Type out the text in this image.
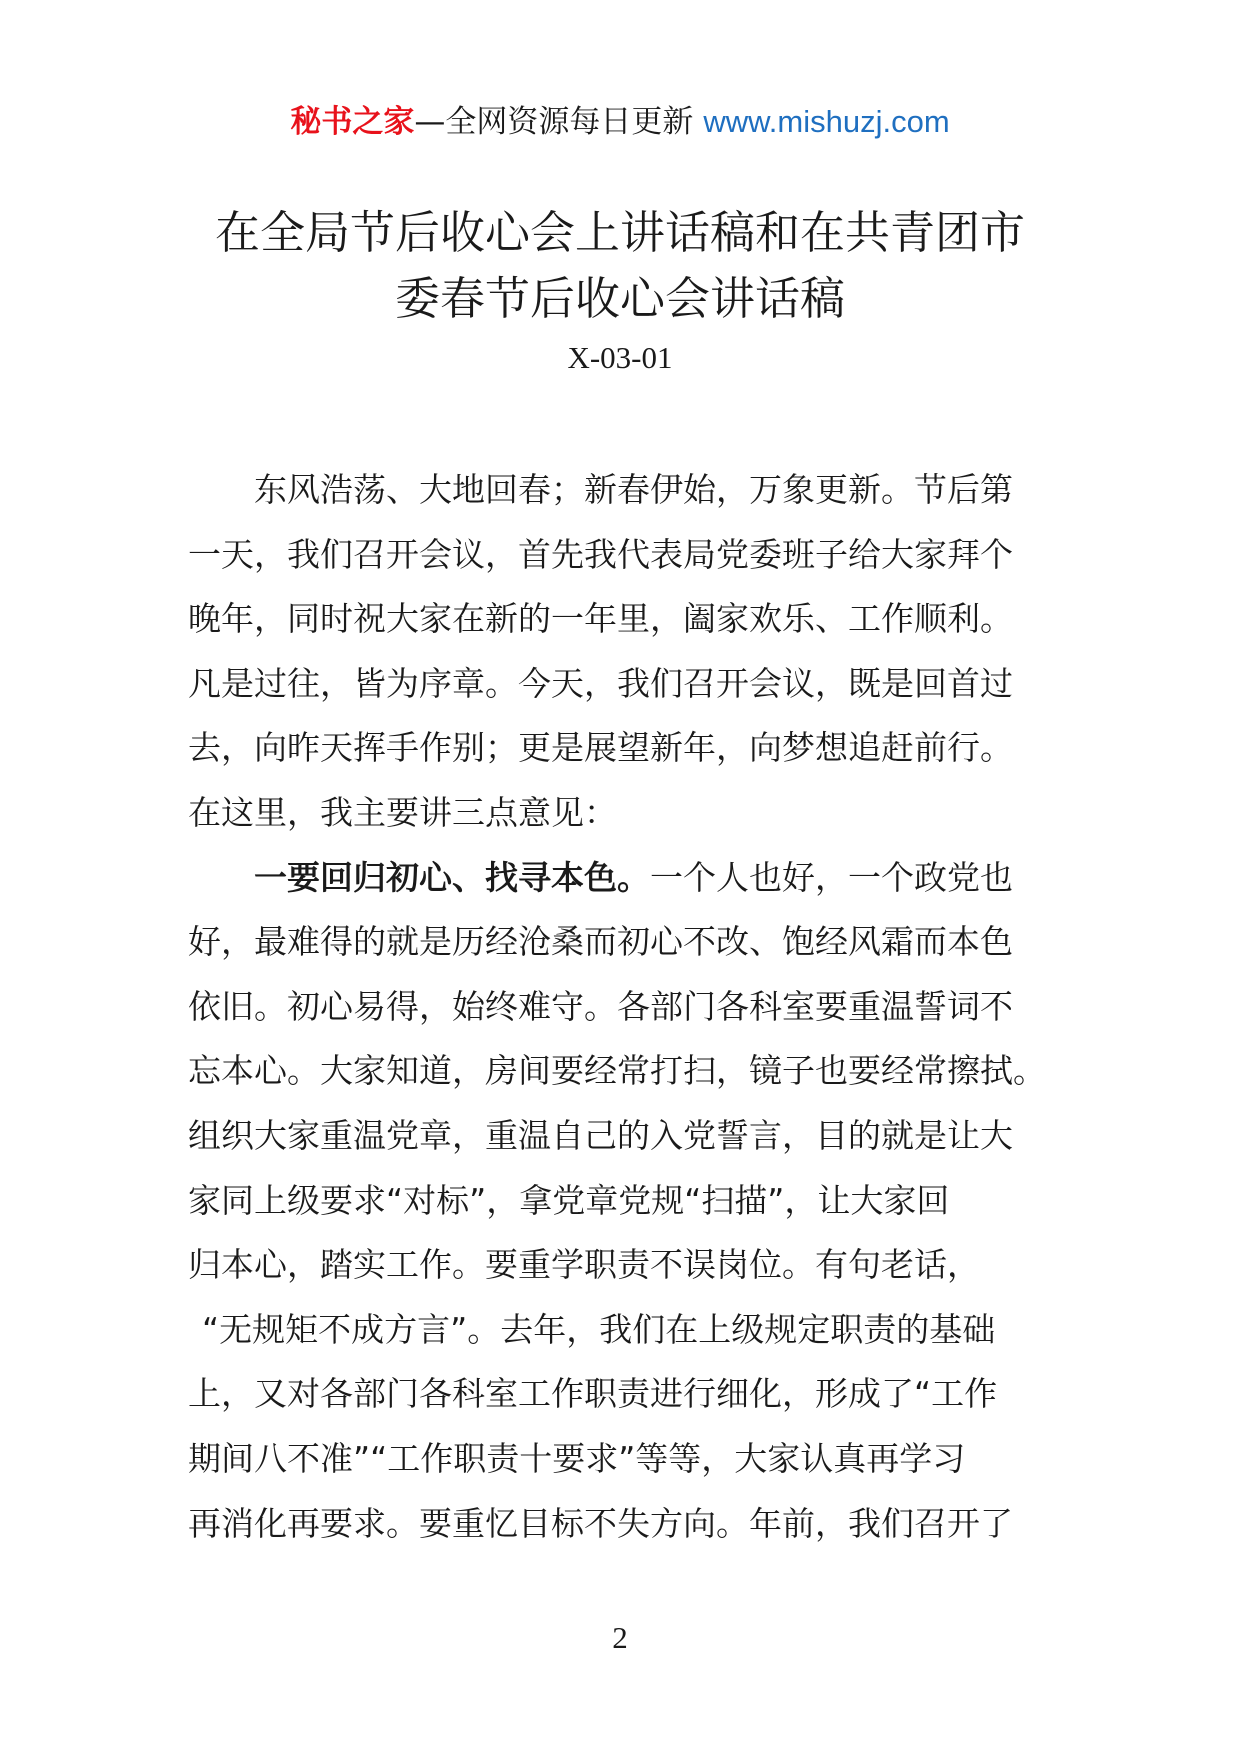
秘书之家—全网资源每日更新 www.mishuzj.com
在全局节后收心会上讲话稿和在共青团市
委春节后收心会讲话稿
X-03-01
东风浩荡、大地回春；新春伊始，万象更新。节后第
一天，我们召开会议，首先我代表局党委班子给大家拜个
晚年，同时祝大家在新的一年里，阖家欢乐、工作顺利。
凡是过往，皆为序章。今天，我们召开会议，既是回首过
去，向昨天挥手作别；更是展望新年，向梦想追赶前行。
在这里，我主要讲三点意见：
一要回归初心、找寻本色。一个人也好，一个政党也
好，最难得的就是历经沧桑而初心不改、饱经风霜而本色
依旧。初心易得，始终难守。各部门各科室要重温誓词不
忘本心。大家知道，房间要经常打扫，镜子也要经常擦拭。
组织大家重温党章，重温自己的入党誓言，目的就是让大
家同上级要求“对标”，拿党章党规“扫描”，让大家回
归本心，踏实工作。要重学职责不误岗位。有句老话，
“无规矩不成方言”。去年，我们在上级规定职责的基础
上，又对各部门各科室工作职责进行细化，形成了“工作
期间八不准”“工作职责十要求”等等，大家认真再学习
再消化再要求。要重忆目标不失方向。年前，我们召开了
2
